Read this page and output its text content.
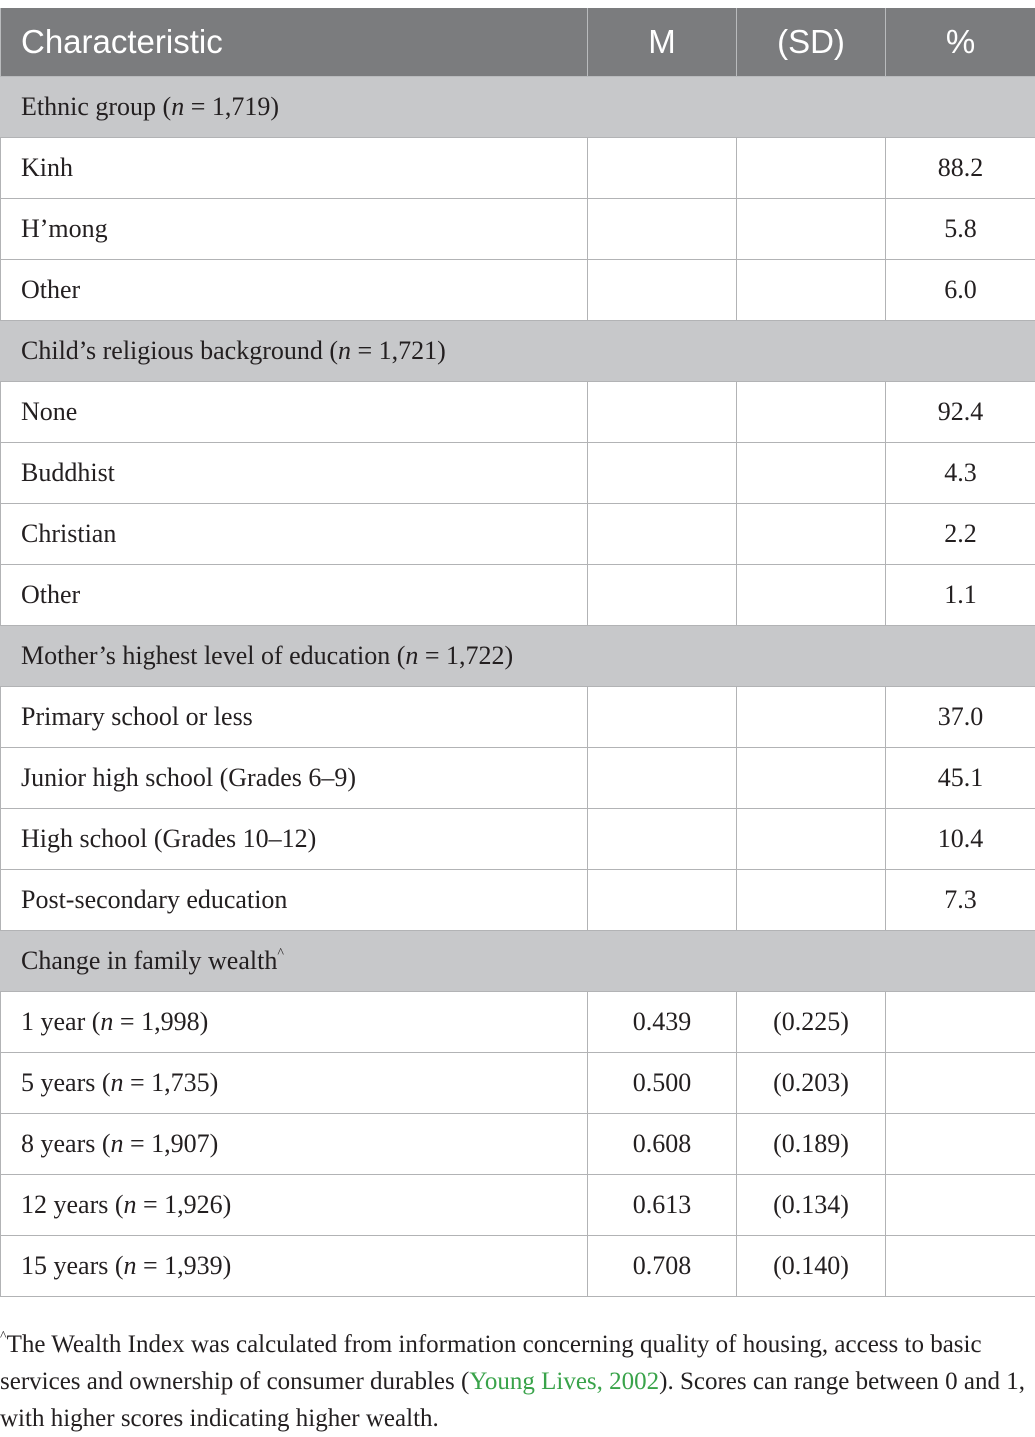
Characteristic	M	(SD)	%
Ethnic group (n = 1,719)			
Kinh			88.2
H’mong			5.8
Other			6.0
Child’s religious background (n = 1,721)			
None			92.4
Buddhist			4.3
Christian			2.2
Other			1.1
Mother’s highest level of education (n = 1,722)			
Primary school or less			37.0
Junior high school (Grades 6–9)			45.1
High school (Grades 10–12)			10.4
Post-secondary education			7.3
Change in family wealth^
1 year (n = 1,998)	0.439	(0.225)	
5 years (n = 1,735)	0.500	(0.203)	
8 years (n = 1,907)	0.608	(0.189)	
12 years (n = 1,926)	0.613	(0.134)	
15 years (n = 1,939)	0.708	(0.140)	

^The Wealth Index was calculated from information concerning quality of housing, access to basic services and ownership of consumer durables (Young Lives, 2002). Scores can range between 0 and 1, with higher scores indicating higher wealth.
